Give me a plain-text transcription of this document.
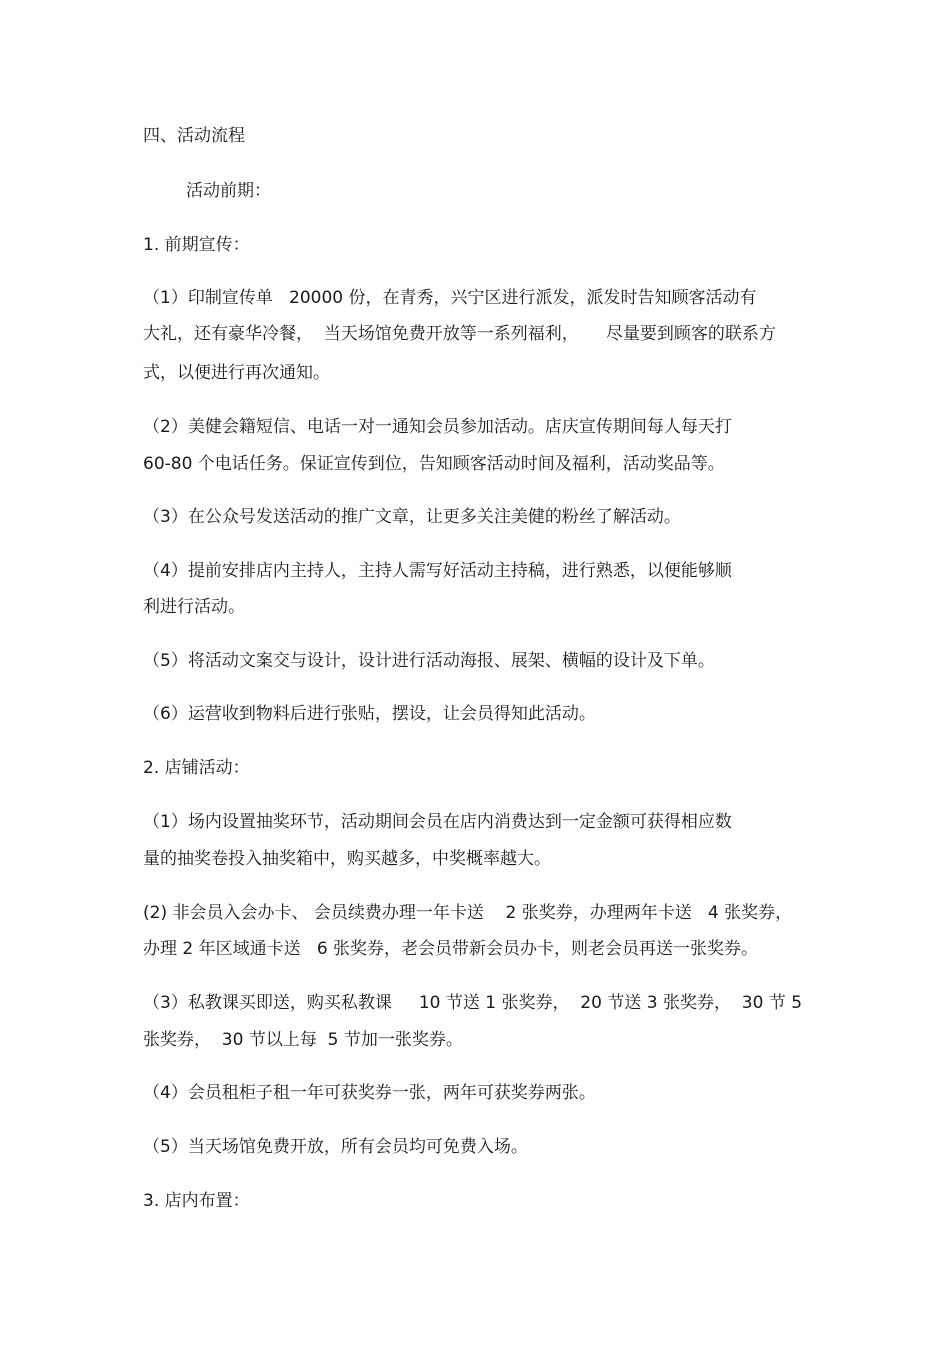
四、活动流程

活动前期：

1. 前期宣传：

（1）印制宣传单   20000 份，在青秀，兴宁区进行派发，派发时告知顾客活动有

大礼，还有豪华冷餐，  当天场馆免费开放等一系列福利，     尽量要到顾客的联系方

式，以便进行再次通知。

（2）美健会籍短信、电话一对一通知会员参加活动。店庆宣传期间每人每天打

60-80 个电话任务。保证宣传到位，告知顾客活动时间及福利，活动奖品等。

（3）在公众号发送活动的推广文章，让更多关注美健的粉丝了解活动。

（4）提前安排店内主持人，主持人需写好活动主持稿，进行熟悉，以便能够顺

利进行活动。

（5）将活动文案交与设计，设计进行活动海报、展架、横幅的设计及下单。

（6）运营收到物料后进行张贴，摆设，让会员得知此活动。

2. 店铺活动：

（1）场内设置抽奖环节，活动期间会员在店内消费达到一定金额可获得相应数

量的抽奖卷投入抽奖箱中，购买越多，中奖概率越大。

(2) 非会员入会办卡、 会员续费办理一年卡送    2 张奖券，办理两年卡送   4 张奖券，

办理 2 年区域通卡送   6 张奖券，老会员带新会员办卡，则老会员再送一张奖券。

（3）私教课买即送，购买私教课     10 节送 1 张奖券，  20 节送 3 张奖券，  30 节 5

张奖券，  30 节以上每  5 节加一张奖券。

（4）会员租柜子租一年可获奖券一张，两年可获奖券两张。

（5）当天场馆免费开放，所有会员均可免费入场。

3. 店内布置：
